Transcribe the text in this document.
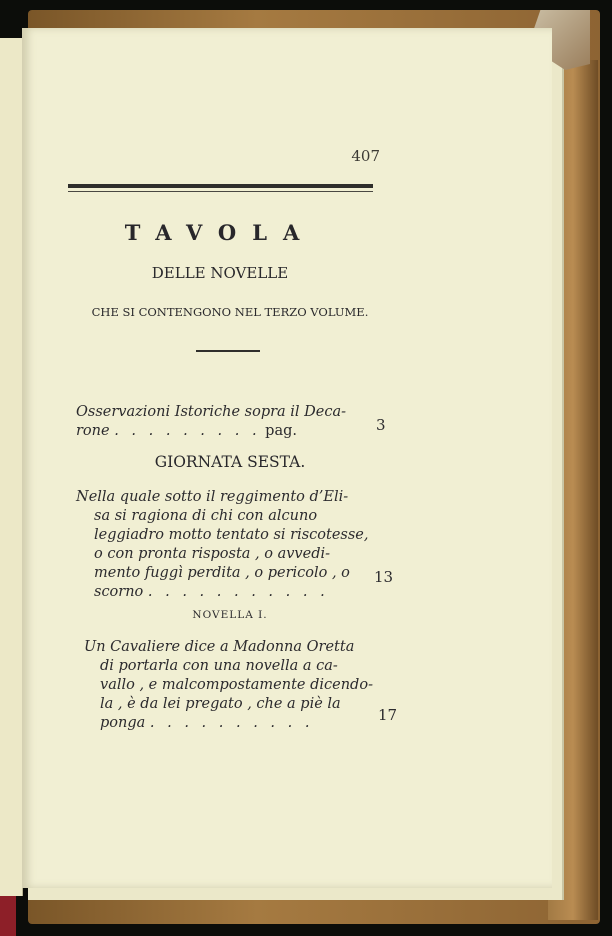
407
TAVOLA
DELLE NOVELLE
CHE SI CONTENGONO NEL TERZO VOLUME.
Osservazioni Istoriche sopra il Deca-
rone . . . . . . . . . pag.	3
GIORNATA SESTA.
Nella quale sotto il reggimento d’Eli-
sa si ragiona di chi con alcuno
leggiadro motto tentato si riscotesse,
o con pronta risposta , o avvedi-
mento fuggì perdita , o pericolo , o
scorno . . . . . . . . . . .
13
NOVELLA I.
Un Cavaliere dice a Madonna Oretta
di portarla con una novella a ca-
vallo , e malcompostamente dicendo-
la , è da lei pregato , che a piè la
ponga . . . . . . . . . .	17
